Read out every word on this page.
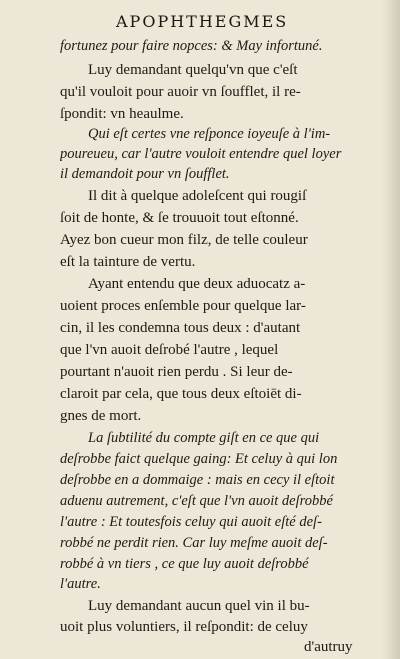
APOPHTHEGMES
fortunez pour faire nopces: & May infortuné.
Luy demandant quelqu'vn que c'eſt
qu'il vouloit pour auoir vn ſoufflet, il re-
ſpondit: vn heaulme.
Qui eſt certes vne reſponce ioyeuſe à l'im-
poureueu, car l'autre vouloit entendre quel loyer
il demandoit pour vn ſoufflet.
Il dit à quelque adoleſcent qui rougiſ
ſoit de honte, & ſe trouuoit tout eſtonné.
Ayez bon cueur mon filz, de telle couleur
eſt la tainture de vertu.
Ayant entendu que deux aduocatz a-
uoient proces enſemble pour quelque lar-
cin, il les condemna tous deux : d'autant
que l'vn auoit deſrobé l'autre , lequel
pourtant n'auoit rien perdu . Si leur de-
claroit par cela, que tous deux eſtoiēt di-
gnes de mort.
La ſubtilité du compte giſt en ce que qui
deſrobbe faict quelque gaing: Et celuy à qui lon
deſrobbe en a dommaige : mais en cecy il eſtoit
aduenu autrement, c'eſt que l'vn auoit deſrobbé
l'autre : Et toutesfois celuy qui auoit eſté deſ-
robbé ne perdit rien. Car luy meſme auoit deſ-
robbé à vn tiers , ce que luy auoit deſrobbé
l'autre.
Luy demandant aucun quel vin il bu-
uoit plus voluntiers, il reſpondit: de celuy
d'autruy
